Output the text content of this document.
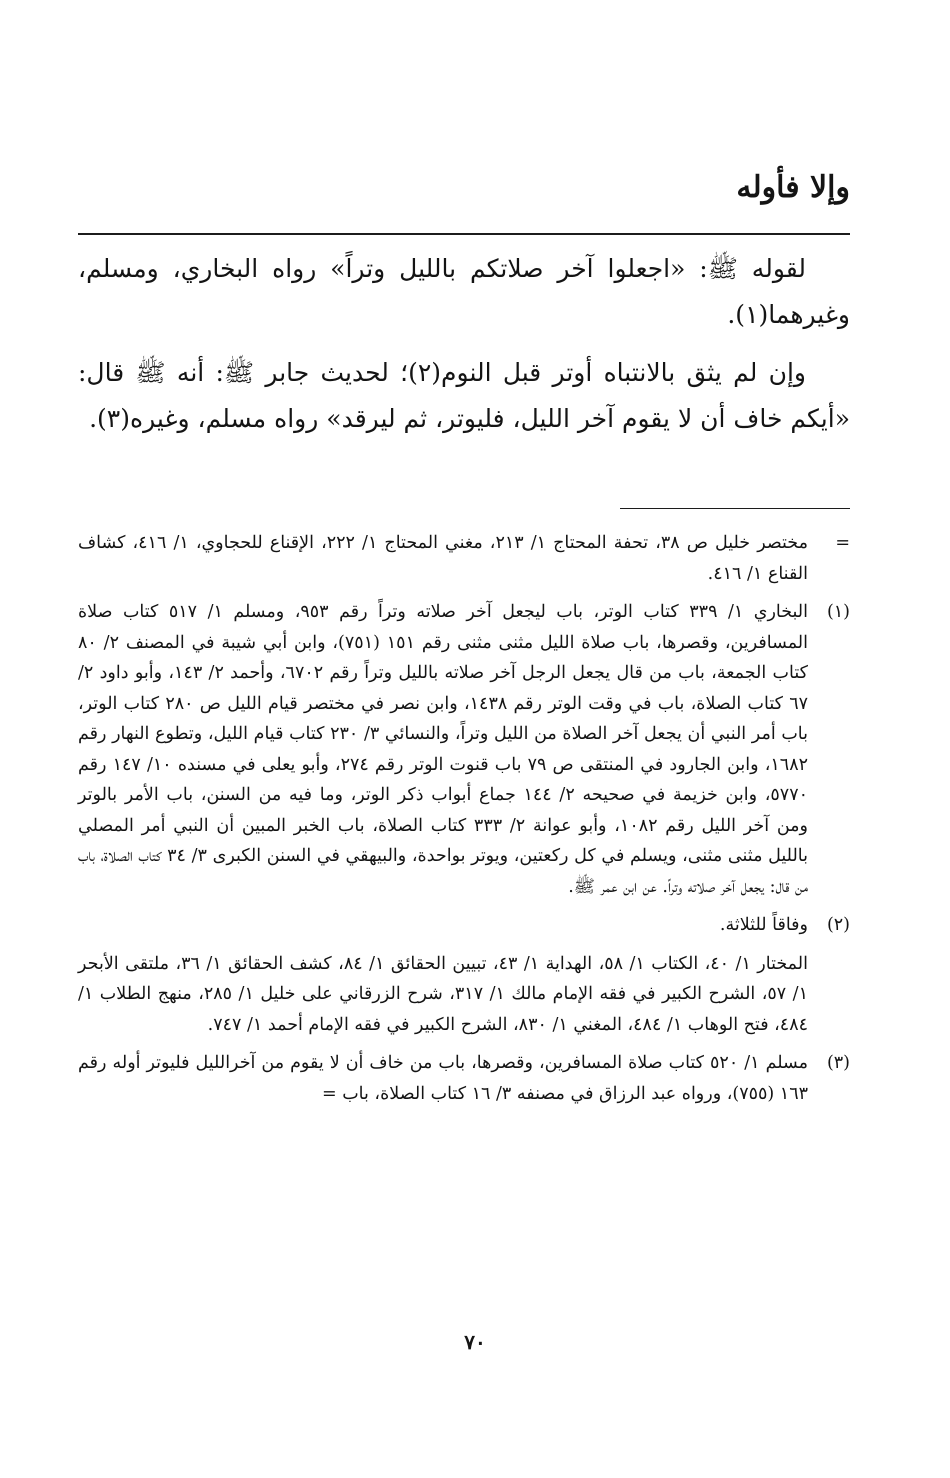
وإلا فأوله

لقوله ﷺ: «اجعلوا آخر صلاتكم بالليل وتراً» رواه البخاري، ومسلم، وغيرهما(١).

وإن لم يثق بالانتباه أوتر قبل النوم(٢)؛ لحديث جابر ﷺ: أنه ﷺ قال: «أيكم خاف أن لا يقوم آخر الليل، فليوتر، ثم ليرقد» رواه مسلم، وغيره(٣).

=

مختصر خليل ص ٣٨، تحفة المحتاج ١/ ٢١٣، مغني المحتاج ١/ ٢٢٢، الإقناع للحجاوي، ١/ ٤١٦، كشاف القناع ١/ ٤١٦.

(١)

البخاري ١/ ٣٣٩ كتاب الوتر، باب ليجعل آخر صلاته وتراً رقم ٩٥٣، ومسلم ١/ ٥١٧ كتاب صلاة المسافرين، وقصرها، باب صلاة الليل مثنى مثنى رقم ١٥١ (٧٥١)، وابن أبي شيبة في المصنف ٢/ ٨٠ كتاب الجمعة، باب من قال يجعل الرجل آخر صلاته بالليل وتراً رقم ٦٧٠٢، وأحمد ٢/ ١٤٣، وأبو داود ٢/ ٦٧ كتاب الصلاة، باب في وقت الوتر رقم ١٤٣٨، وابن نصر في مختصر قيام الليل ص ٢٨٠ كتاب الوتر، باب أمر النبي أن يجعل آخر الصلاة من الليل وتراً، والنسائي ٣/ ٢٣٠ كتاب قيام الليل، وتطوع النهار رقم ١٦٨٢، وابن الجارود في المنتقى ص ٧٩ باب قنوت الوتر رقم ٢٧٤، وأبو يعلى في مسنده ١٠/ ١٤٧ رقم ٥٧٧٠، وابن خزيمة في صحيحه ٢/ ١٤٤ جماع أبواب ذكر الوتر، وما فيه من السنن، باب الأمر بالوتر ومن آخر الليل رقم ١٠٨٢، وأبو عوانة ٢/ ٣٣٣ كتاب الصلاة، باب الخبر المبين أن النبي أمر المصلي بالليل مثنى مثنى، ويسلم في كل ركعتين، ويوتر بواحدة، والبيهقي في السنن الكبرى ٣/ ٣٤ كتاب الصلاة، باب من قال: يجعل آخر صلاته وتراً. عن ابن عمر ﷺ.

(٢)

وفاقاً للثلاثة.

المختار ١/ ٤٠، الكتاب ١/ ٥٨، الهداية ١/ ٤٣، تبيين الحقائق ١/ ٨٤، كشف الحقائق ١/ ٣٦، ملتقى الأبحر ١/ ٥٧، الشرح الكبير في فقه الإمام مالك ١/ ٣١٧، شرح الزرقاني على خليل ١/ ٢٨٥، منهج الطلاب ١/ ٤٨٤، فتح الوهاب ١/ ٤٨٤، المغني ١/ ٨٣٠، الشرح الكبير في فقه الإمام أحمد ١/ ٧٤٧.

(٣)

مسلم ١/ ٥٢٠ كتاب صلاة المسافرين، وقصرها، باب من خاف أن لا يقوم من آخرالليل فليوتر أوله رقم ١٦٣ (٧٥٥)، ورواه عبد الرزاق في مصنفه ٣/ ١٦ كتاب الصلاة، باب =

٧٠
